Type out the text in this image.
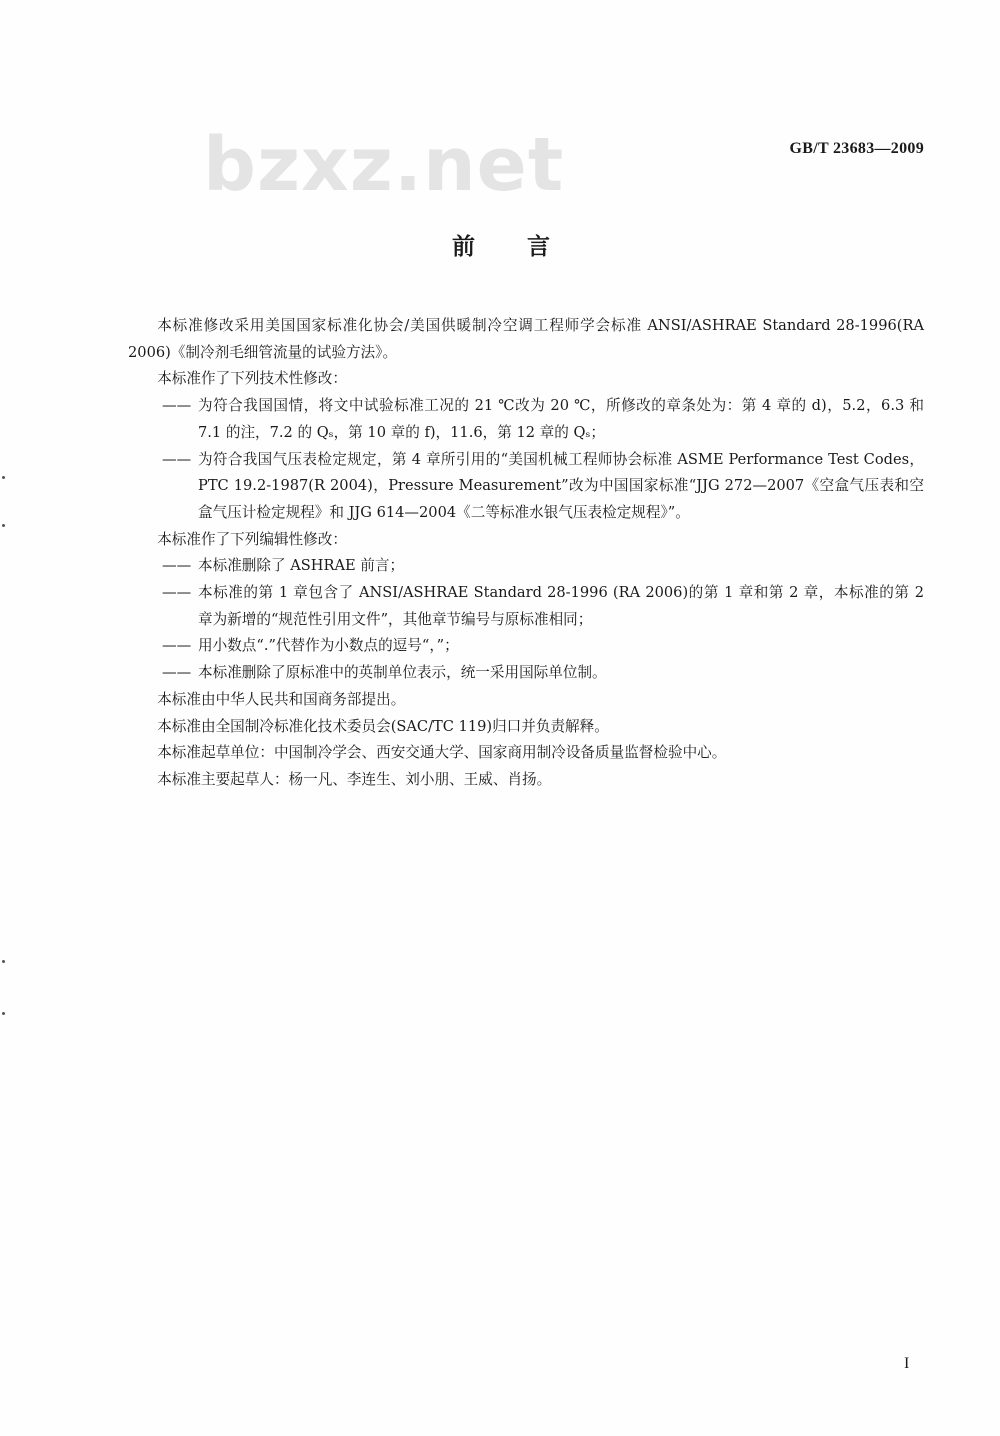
bzxz.net	GB/T 23683—2009
前言

本标准修改采用美国国家标准化协会/美国供暖制冷空调工程师学会标准 ANSI/ASHRAE Standard 28-1996(RA 2006)《制冷剂毛细管流量的试验方法》。

本标准作了下列技术性修改：

—— 为符合我国国情，将文中试验标准工况的 21 ℃改为 20 ℃，所修改的章条处为：第 4 章的 d)，5.2，6.3 和 7.1 的注，7.2 的 Qₛ，第 10 章的 f)，11.6，第 12 章的 Qₛ；

—— 为符合我国气压表检定规定，第 4 章所引用的“美国机械工程师协会标准 ASME Performance Test Codes，PTC 19.2-1987(R 2004)，Pressure Measurement”改为中国国家标准“JJG 272—2007《空盒气压表和空盒气压计检定规程》和 JJG 614—2004《二等标准水银气压表检定规程》”。

本标准作了下列编辑性修改：

—— 本标准删除了 ASHRAE 前言；

—— 本标准的第 1 章包含了 ANSI/ASHRAE Standard 28-1996 (RA 2006)的第 1 章和第 2 章，本标准的第 2 章为新增的“规范性引用文件”，其他章节编号与原标准相同；

—— 用小数点“.”代替作为小数点的逗号“，”；

—— 本标准删除了原标准中的英制单位表示，统一采用国际单位制。

本标准由中华人民共和国商务部提出。

本标准由全国制冷标准化技术委员会(SAC/TC 119)归口并负责解释。

本标准起草单位：中国制冷学会、西安交通大学、国家商用制冷设备质量监督检验中心。

本标准主要起草人：杨一凡、李连生、刘小朋、王威、肖扬。

I
